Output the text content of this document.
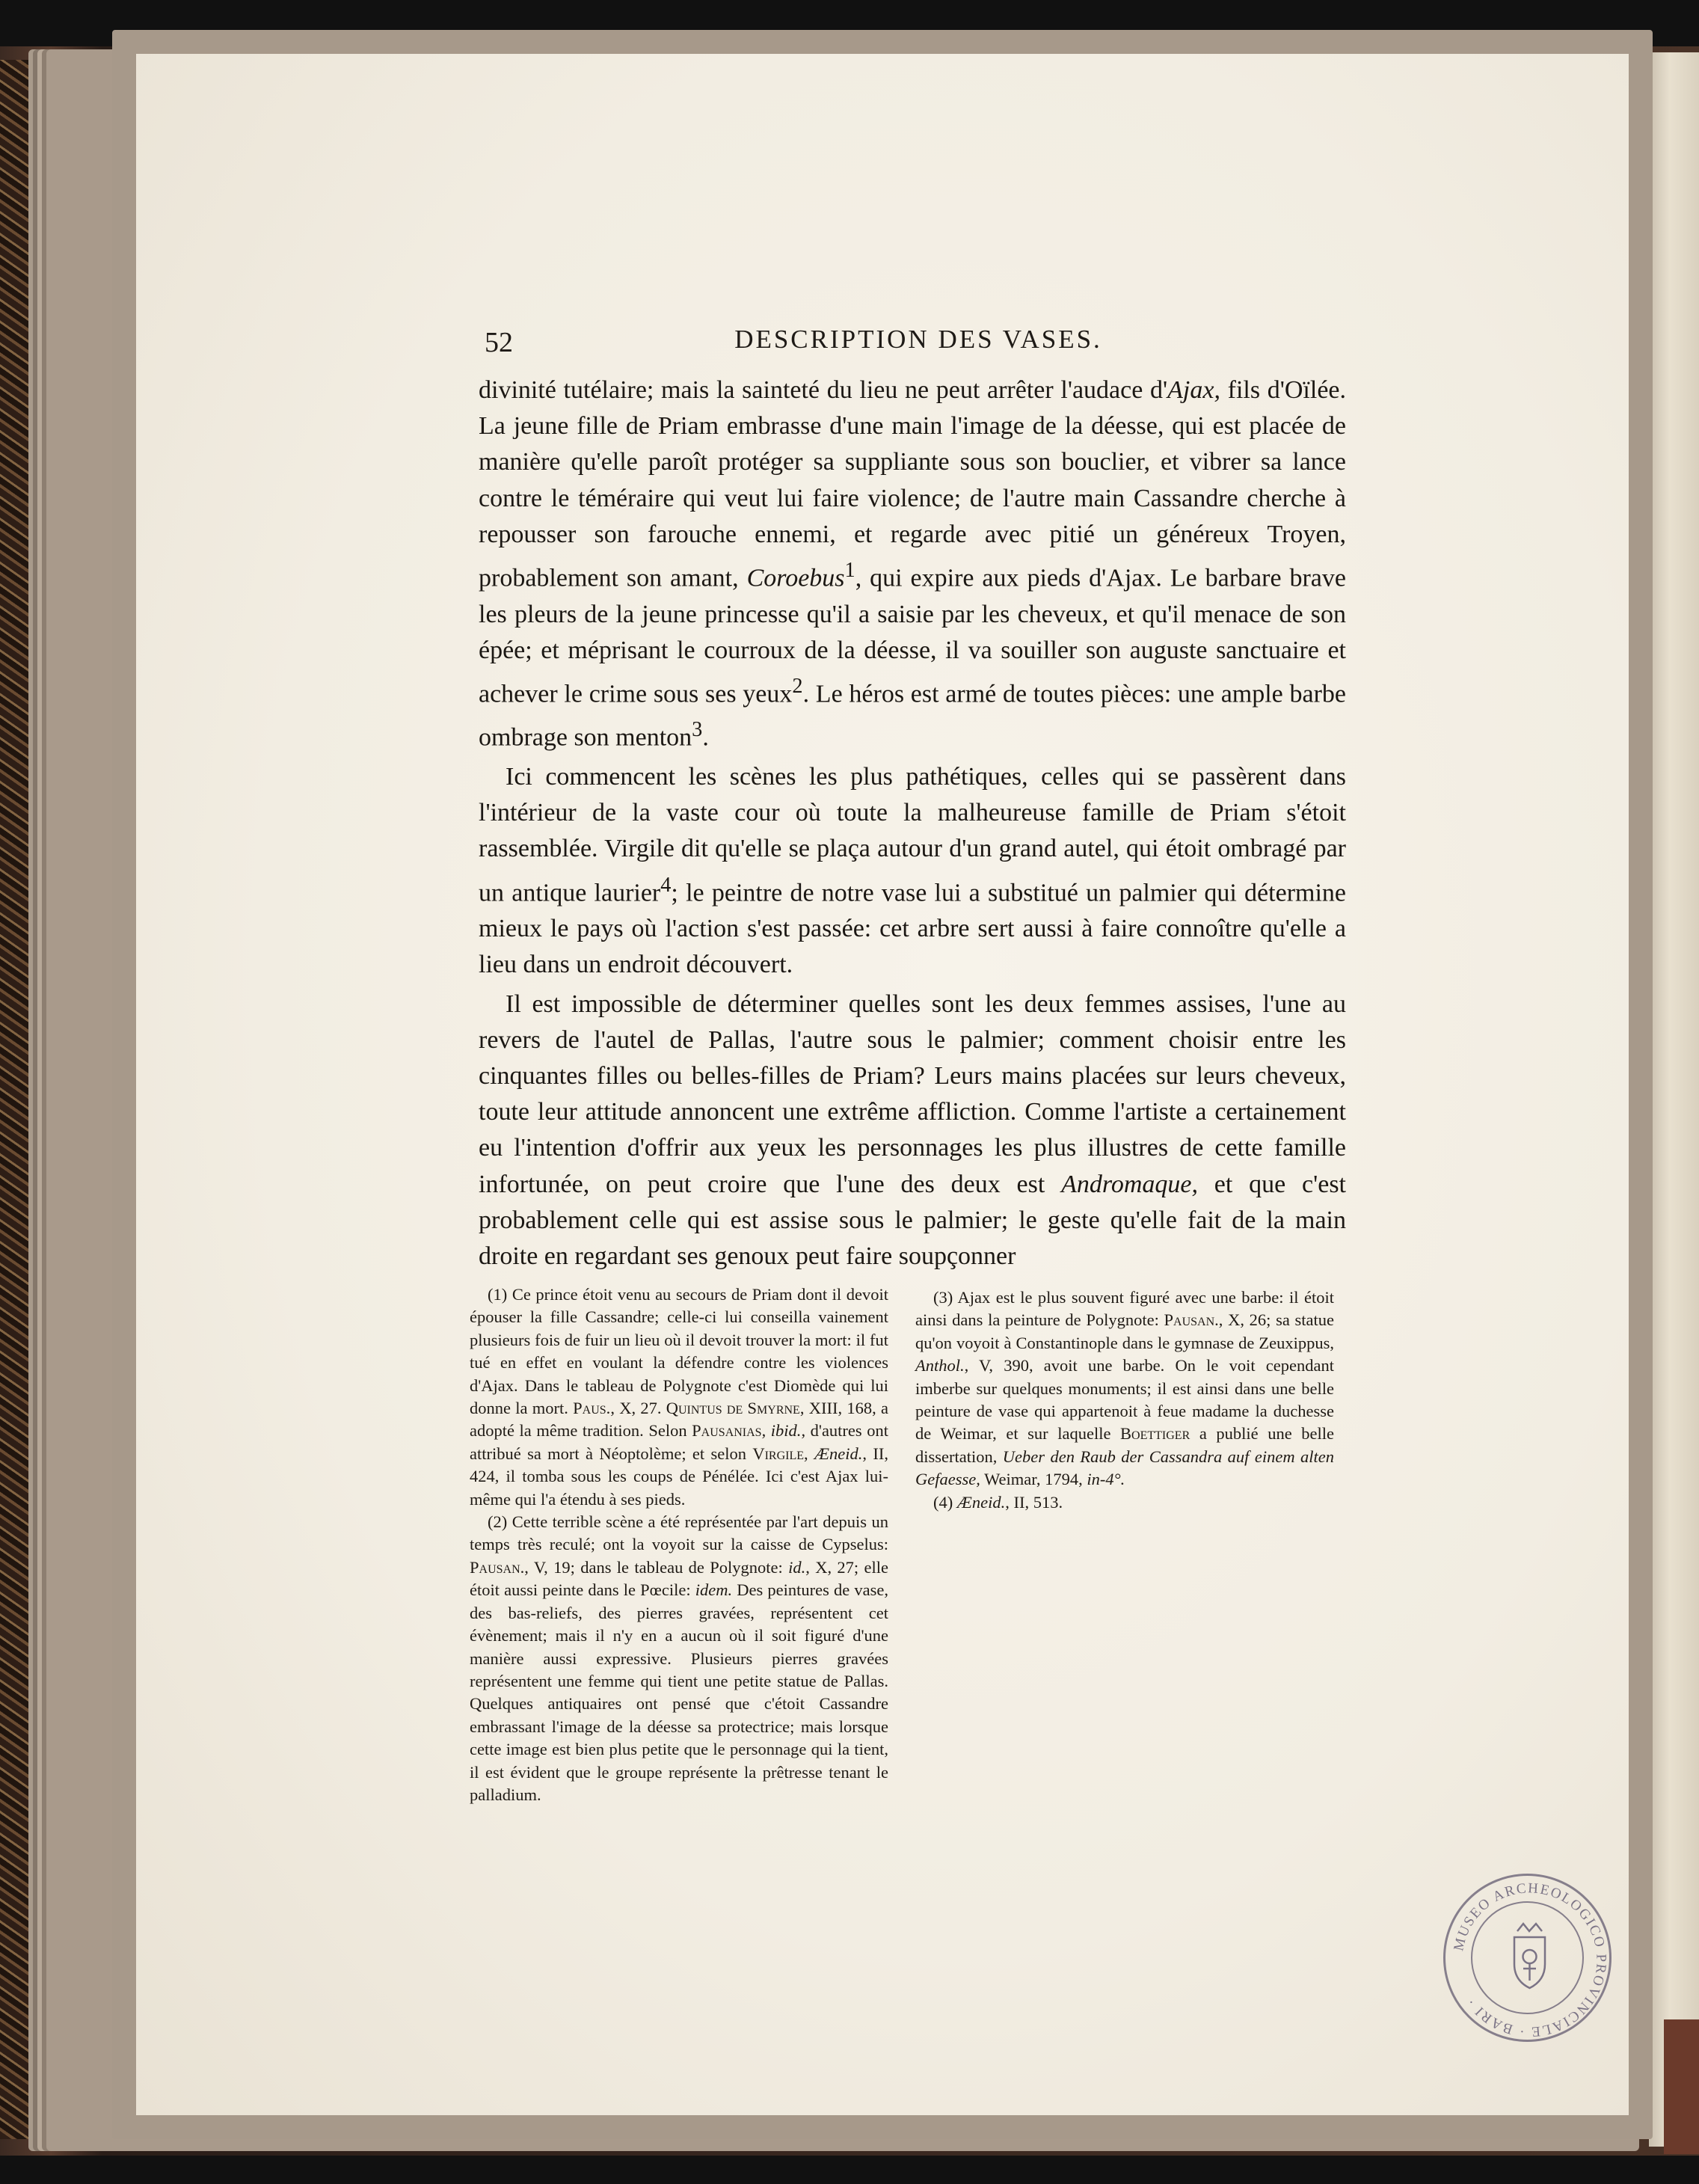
52	DESCRIPTION DES VASES.

divinité tutélaire; mais la sainteté du lieu ne peut arrêter l'audace d'Ajax, fils d'Oïlée. La jeune fille de Priam embrasse d'une main l'image de la déesse, qui est placée de manière qu'elle paroît protéger sa suppliante sous son bouclier, et vibrer sa lance contre le téméraire qui veut lui faire violence; de l'autre main Cassandre cherche à repousser son farouche ennemi, et regarde avec pitié un généreux Troyen, probablement son amant, Coroebus$^1$, qui expire aux pieds d'Ajax. Le barbare brave les pleurs de la jeune princesse qu'il a saisie par les cheveux, et qu'il menace de son épée; et méprisant le courroux de la déesse, il va souiller son auguste sanctuaire et achever le crime sous ses yeux$^2$. Le héros est armé de toutes pièces: une ample barbe ombrage son menton$^3$.

Ici commencent les scènes les plus pathétiques, celles qui se passèrent dans l'intérieur de la vaste cour où toute la malheureuse famille de Priam s'étoit rassemblée. Virgile dit qu'elle se plaça autour d'un grand autel, qui étoit ombragé par un antique laurier$^4$; le peintre de notre vase lui a substitué un palmier qui détermine mieux le pays où l'action s'est passée: cet arbre sert aussi à faire connoître qu'elle a lieu dans un endroit découvert.

Il est impossible de déterminer quelles sont les deux femmes assises, l'une au revers de l'autel de Pallas, l'autre sous le palmier; comment choisir entre les cinquantes filles ou belles-filles de Priam? Leurs mains placées sur leurs cheveux, toute leur attitude annoncent une extrême affliction. Comme l'artiste a certainement eu l'intention d'offrir aux yeux les personnages les plus illustres de cette famille infortunée, on peut croire que l'une des deux est Andromaque, et que c'est probablement celle qui est assise sous le palmier; le geste qu'elle fait de la main droite en regardant ses genoux peut faire soupçonner

(1) Ce prince étoit venu au secours de Priam dont il devoit épouser la fille Cassandre; celle-ci lui conseilla vainement plusieurs fois de fuir un lieu où il devoit trouver la mort: il fut tué en effet en voulant la défendre contre les violences d'Ajax. Dans le tableau de Polygnote c'est Diomède qui lui donne la mort. Paus., X, 27. Quintus de Smyrne, XIII, 168, a adopté la même tradition. Selon Pausanias, ibid., d'autres ont attribué sa mort à Néoptolème; et selon Virgile, Æneid., II, 424, il tomba sous les coups de Pénélée. Ici c'est Ajax lui-même qui l'a étendu à ses pieds.

(2) Cette terrible scène a été représentée par l'art depuis un temps très reculé; ont la voyoit sur la caisse de Cypselus: Pausan., V, 19; dans le tableau de Polygnote: id., X, 27; elle étoit aussi peinte dans le Pœcile: idem. Des peintures de vase, des bas-reliefs, des pierres gravées, représentent cet évènement; mais il n'y en a aucun où il soit figuré d'une manière aussi expressive. Plusieurs pierres gravées représentent une femme qui tient une petite statue de Pallas. Quelques antiquaires ont pensé que c'étoit Cassandre embrassant l'image de la déesse sa protectrice; mais lorsque cette image est bien plus petite que le personnage qui la tient, il est évident que le groupe représente la prêtresse tenant le palladium.

(3) Ajax est le plus souvent figuré avec une barbe: il étoit ainsi dans la peinture de Polygnote: Pausan., X, 26; sa statue qu'on voyoit à Constantinople dans le gymnase de Zeuxippus, Anthol., V, 390, avoit une barbe. On le voit cependant imberbe sur quelques monuments; il est ainsi dans une belle peinture de vase qui appartenoit à feue madame la duchesse de Weimar, et sur laquelle Boettiger a publié une belle dissertation, Ueber den Raub der Cassandra auf einem alten Gefaesse, Weimar, 1794, in-4°.

(4) Æneid., II, 513.

MUSEO ARCHEOLOGICO PROVINCIALE · BARI ·
